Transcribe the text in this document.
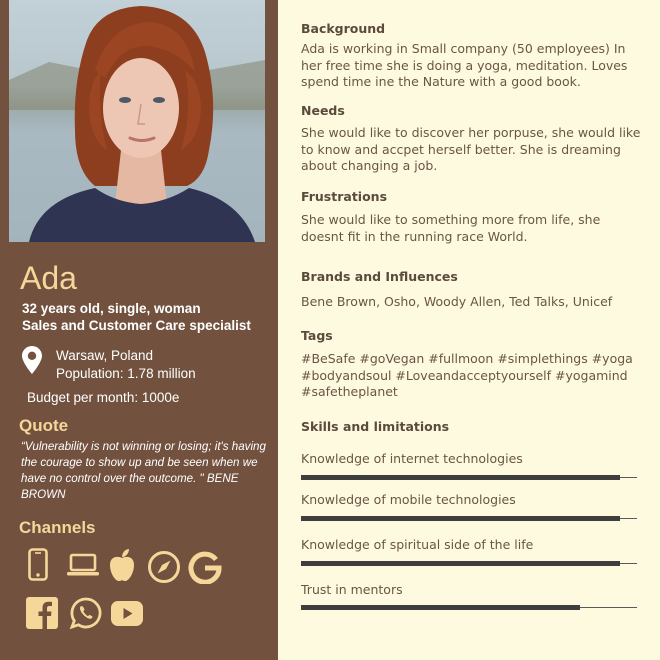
Ada
32 years old, single, woman
Sales and Customer Care specialist
Warsaw, Poland
Population: 1.78 million
Budget per month: 1000e
Quote
“Vulnerability is not winning or losing; it's having the courage to show up and be seen when we have no control over the outcome. " BENE BROWN
Channels
Background
Ada is working in Small company (50 employees) In her free time she is doing a yoga, meditation. Loves spend time ine the Nature with a good book.
Needs
She would like to discover her porpuse, she would like to know and accpet herself better. She is dreaming about changing a job.
Frustrations
She would like to something more from life, she doesnt fit in the running race World.
Brands and Influences
Bene Brown, Osho, Woody Allen, Ted Talks, Unicef
Tags
#BeSafe #goVegan #fullmoon #simplethings #yoga #bodyandsoul #Loveandacceptyourself #yogamind #safetheplanet
Skills and limitations
Knowledge of internet technologies
Knowledge of mobile technologies
Knowledge of spiritual side of the life
Trust in mentors
